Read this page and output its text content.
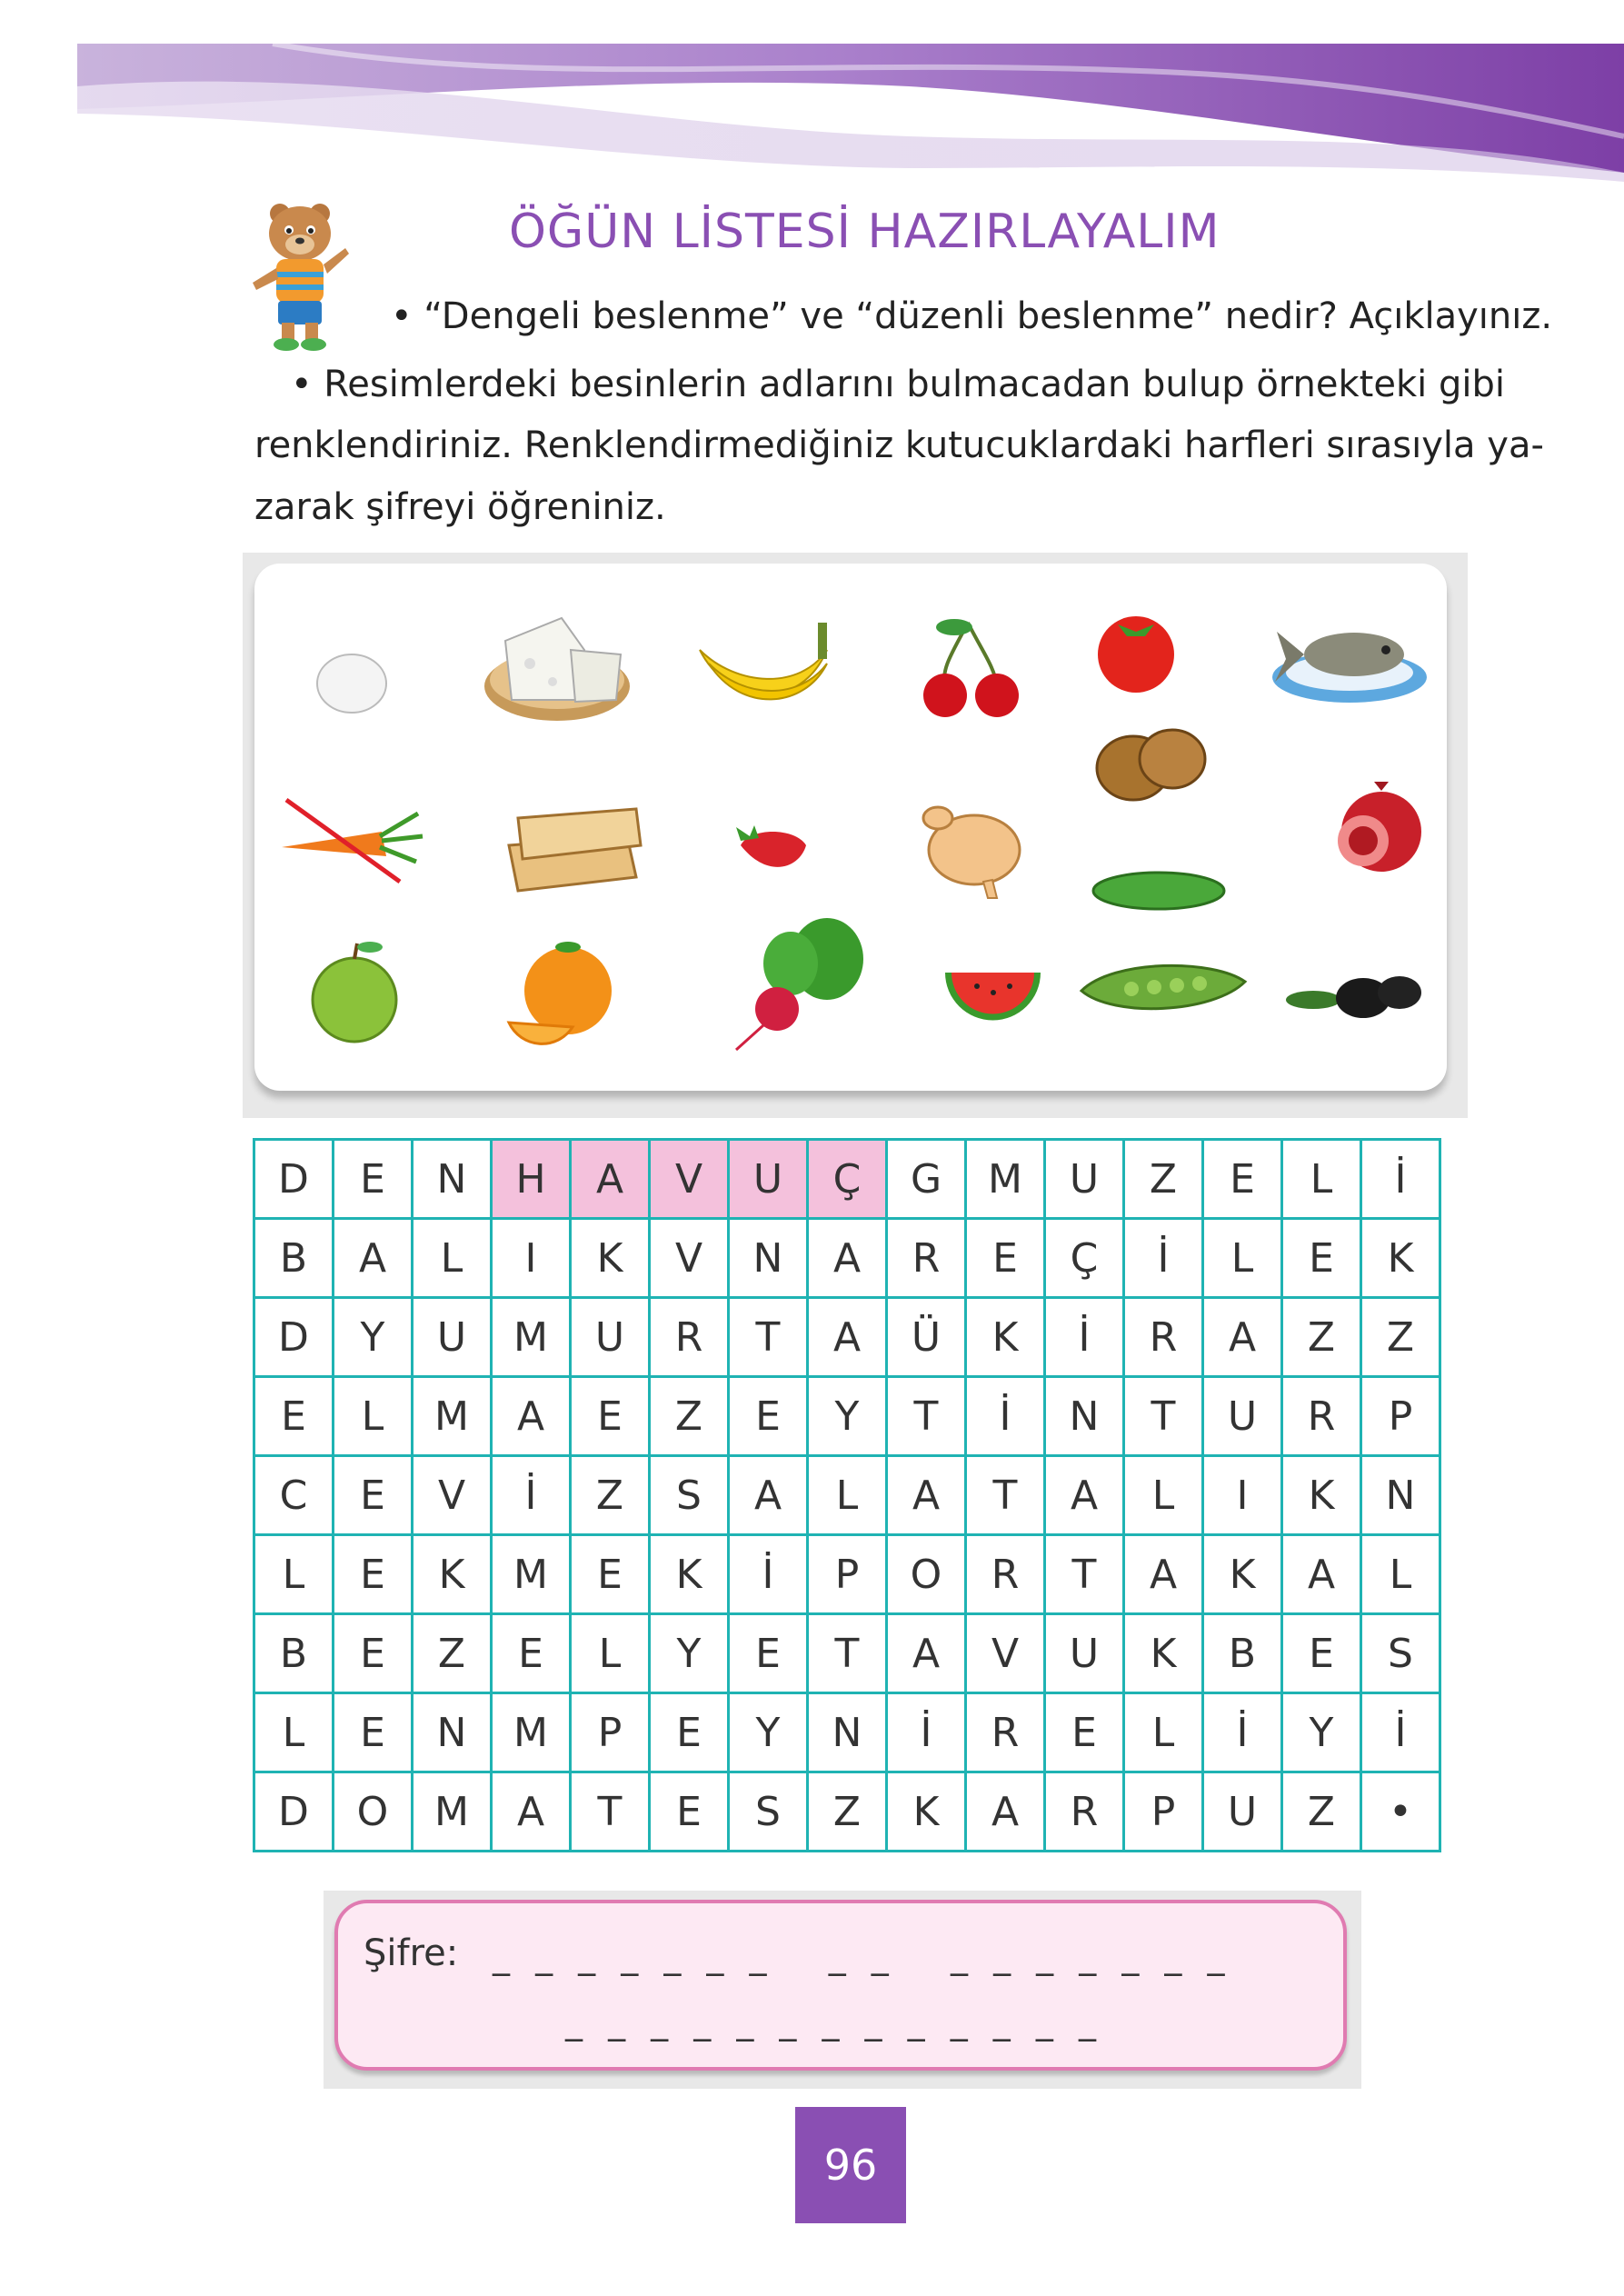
ÖĞÜN LİSTESİ HAZIRLAYALIM
• “Dengeli beslenme” ve “düzenli beslenme” nedir? Açıklayınız.
• Resimlerdeki besinlerin adlarını bulmacadan bulup örnekteki gibi
renklendiriniz. Renklendirmediğiniz kutucuklardaki harfleri sırasıyla ya-
zarak şifreyi öğreniniz.
D	E	N	H	A	V	U	Ç	G	M	U	Z	E	L	İ
B	A	L	I	K	V	N	A	R	E	Ç	İ	L	E	K
D	Y	U	M	U	R	T	A	Ü	K	İ	R	A	Z	Z
E	L	M	A	E	Z	E	Y	T	İ	N	T	U	R	P
C	E	V	İ	Z	S	A	L	A	T	A	L	I	K	N
L	E	K	M	E	K	İ	P	O	R	T	A	K	A	L
B	E	Z	E	L	Y	E	T	A	V	U	K	B	E	S
L	E	N	M	P	E	Y	N	İ	R	E	L	İ	Y	İ
D	O	M	A	T	E	S	Z	K	A	R	P	U	Z	•
Şifre: _ _ _ _ _ _ _   _ _   _ _ _ _ _ _ _
_ _ _ _ _ _ _ _ _ _ _ _ _
96
